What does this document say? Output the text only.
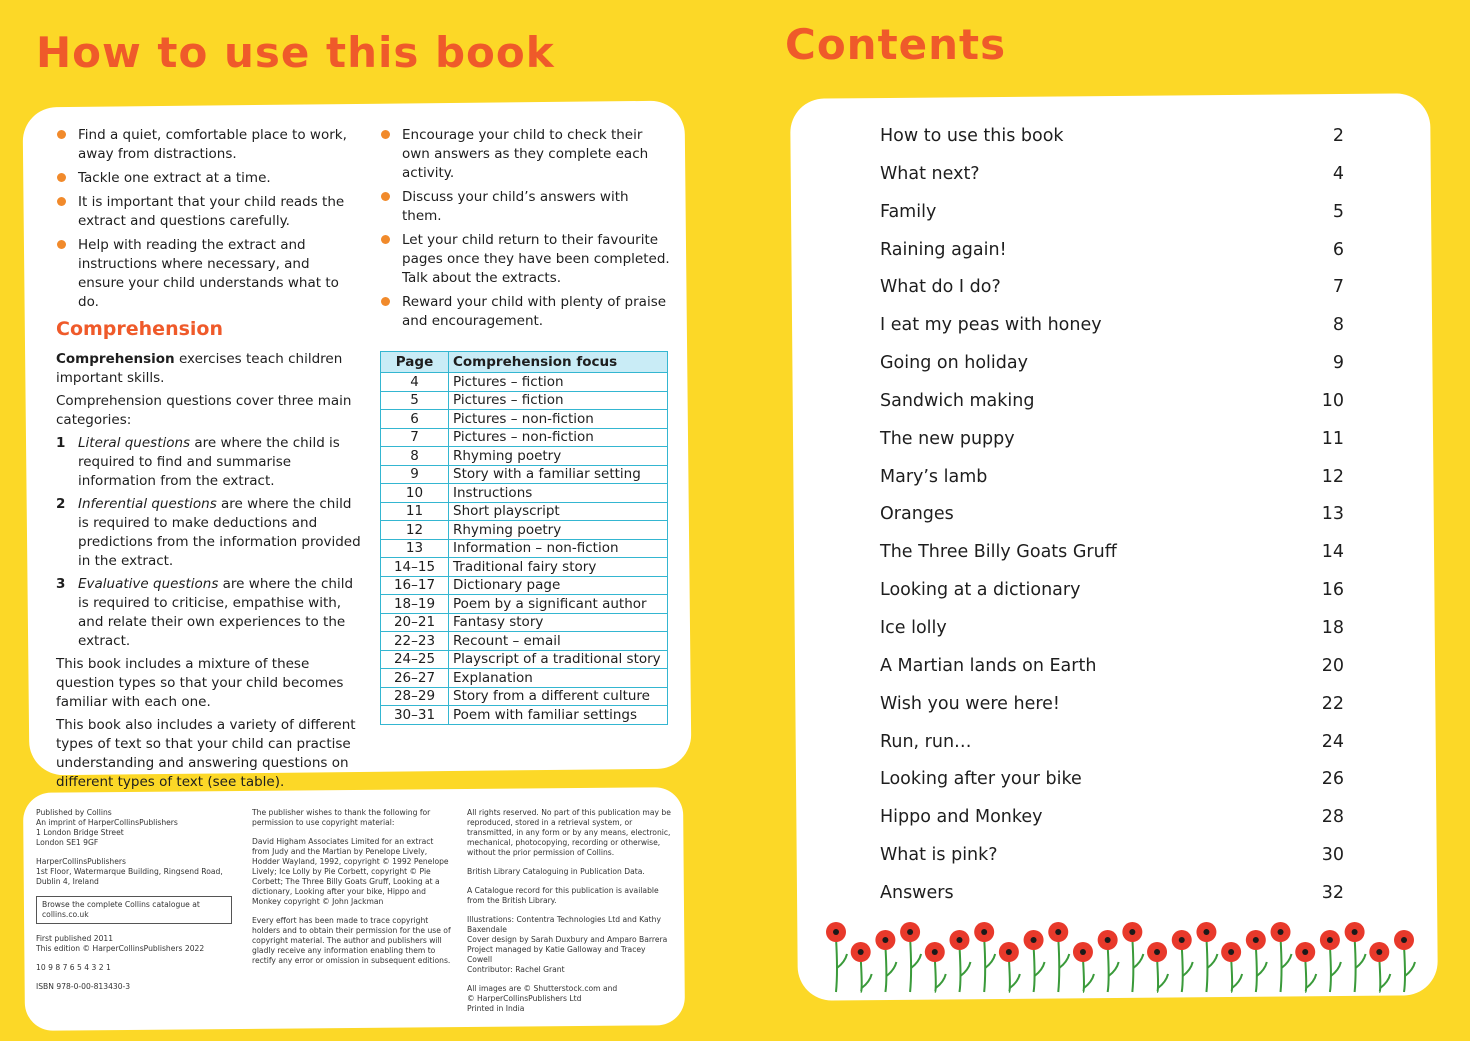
How to use this book	Contents
Find a quiet, comfortable place to work, away from distractions.
Tackle one extract at a time.
It is important that your child reads the extract and questions carefully.
Help with reading the extract and instructions where necessary, and ensure your child understands what to do.
Encourage your child to check their own answers as they complete each activity.
Discuss your child’s answers with them.
Let your child return to their favourite pages once they have been completed. Talk about the extracts.
Reward your child with plenty of praise and encouragement.
Comprehension

Comprehension exercises teach children important skills.

Comprehension questions cover three main categories:

1 Literal questions are where the child is required to find and summarise information from the extract.
2 Inferential questions are where the child is required to make deductions and predictions from the information provided in the extract.
3 Evaluative questions are where the child is required to criticise, empathise with, and relate their own experiences to the extract.

This book includes a mixture of these question types so that your child becomes familiar with each one.

This book also includes a variety of different types of text so that your child can practise understanding and answering questions on different types of text (see table).

Page	Comprehension focus
4	Pictures – fiction
5	Pictures – fiction
6	Pictures – non-fiction
7	Pictures – non-fiction
8	Rhyming poetry
9	Story with a familiar setting
10	Instructions
11	Short playscript
12	Rhyming poetry
13	Information – non-fiction
14–15	Traditional fairy story
16–17	Dictionary page
18–19	Poem by a significant author
20–21	Fantasy story
22–23	Recount – email
24–25	Playscript of a traditional story
26–27	Explanation
28–29	Story from a different culture
30–31	Poem with familiar settings

Published by Collins
An imprint of HarperCollinsPublishers
1 London Bridge Street
London SE1 9GF

HarperCollinsPublishers
1st Floor, Watermarque Building, Ringsend Road,
Dublin 4, Ireland

Browse the complete Collins catalogue at collins.co.uk

First published 2011
This edition © HarperCollinsPublishers 2022

10 9 8 7 6 5 4 3 2 1

ISBN 978-0-00-813430-3

The publisher wishes to thank the following for permission to use copyright material:

David Higham Associates Limited for an extract from Judy and the Martian by Penelope Lively, Hodder Wayland, 1992, copyright © 1992 Penelope Lively; Ice Lolly by Pie Corbett, copyright © Pie Corbett; The Three Billy Goats Gruff, Looking at a dictionary, Looking after your bike, Hippo and Monkey copyright © John Jackman

Every effort has been made to trace copyright holders and to obtain their permission for the use of copyright material. The author and publishers will gladly receive any information enabling them to rectify any error or omission in subsequent editions.

All rights reserved. No part of this publication may be reproduced, stored in a retrieval system, or transmitted, in any form or by any means, electronic, mechanical, photocopying, recording or otherwise, without the prior permission of Collins.

British Library Cataloguing in Publication Data.

A Catalogue record for this publication is available from the British Library.

Illustrations: Contentra Technologies Ltd and Kathy Baxendale
Cover design by Sarah Duxbury and Amparo Barrera
Project managed by Katie Galloway and Tracey Cowell
Contributor: Rachel Grant

All images are © Shutterstock.com and
© HarperCollinsPublishers Ltd
Printed in India

How to use this book	2
What next?	4
Family	5
Raining again!	6
What do I do?	7
I eat my peas with honey	8
Going on holiday	9
Sandwich making	10
The new puppy	11
Mary’s lamb	12
Oranges	13
The Three Billy Goats Gruff	14
Looking at a dictionary	16
Ice lolly	18
A Martian lands on Earth	20
Wish you were here!	22
Run, run…	24
Looking after your bike	26
Hippo and Monkey	28
What is pink?	30
Answers	32
